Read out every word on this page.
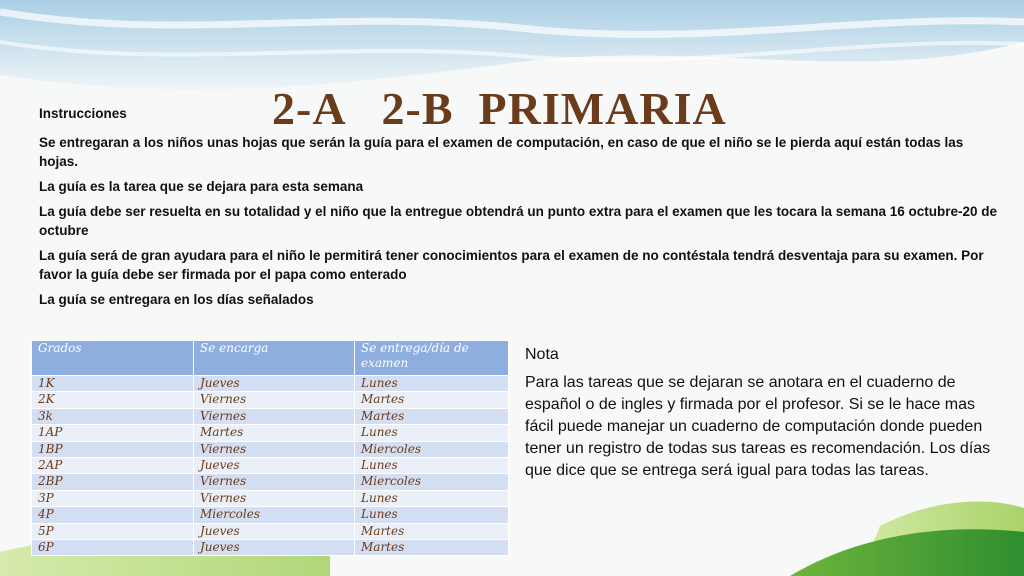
2-A   2-B  PRIMARIA
Instrucciones

Se entregaran a los niños unas hojas que serán la guía para el examen de computación, en caso de que el niño se le pierda aquí están todas las hojas.

La guía es la tarea que se dejara para esta semana

La guía debe ser resuelta en su totalidad y el niño que la entregue obtendrá un punto extra para el examen que les tocara la semana 16 octubre-20 de octubre

La guía será de gran ayudara para el niño le permitirá tener conocimientos para el examen de no contéstala tendrá desventaja para su examen. Por favor la guía debe ser firmada por el papa como enterado

La guía se entregara en los días señalados

Grados	Se encarga	Se entrega/día de examen
1K	Jueves	Lunes
2K	Viernes	Martes
3k	Viernes	Martes
1AP	Martes	Lunes
1BP	Viernes	Miercoles
2AP	Jueves	Lunes
2BP	Viernes	Miercoles
3P	Viernes	Lunes
4P	Miercoles	Lunes
5P	Jueves	Martes
6P	Jueves	Martes
Nota

Para las tareas que se dejaran se anotara en el cuaderno de español o de ingles y firmada por el profesor. Si se le hace mas fácil puede manejar un cuaderno de computación donde pueden tener un registro de todas sus tareas es recomendación. Los días que dice que se entrega será igual para todas las tareas.
